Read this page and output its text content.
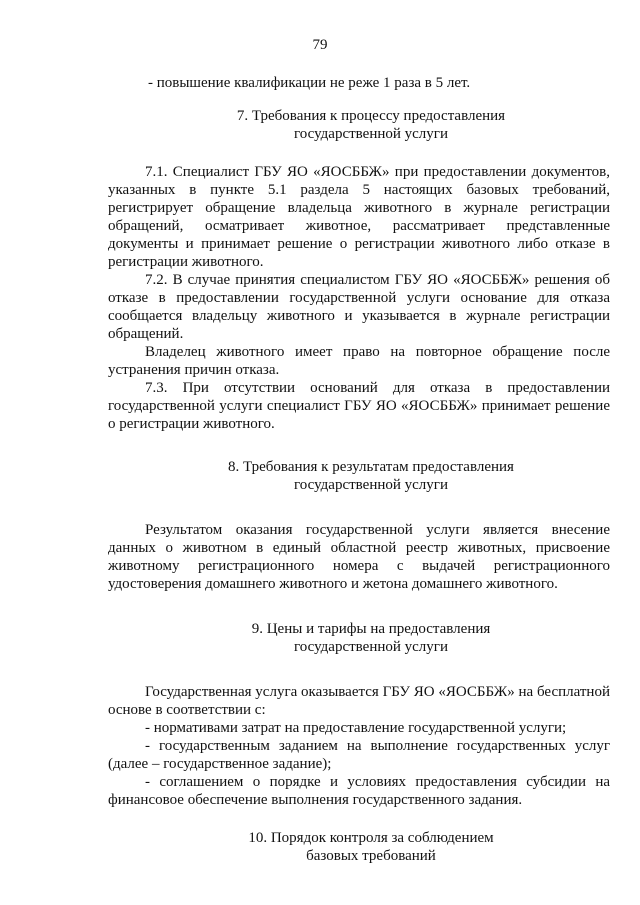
79

- повышение квалификации не реже 1 раза в 5 лет.

7. Требования к процессу предоставления
государственной услуги

7.1. Специалист ГБУ ЯО «ЯОСББЖ» при предоставлении документов, указанных в пункте 5.1 раздела 5 настоящих базовых требований, регистрирует обращение владельца животного в журнале регистрации обращений, осматривает животное, рассматривает представленные документы и принимает решение о регистрации животного либо отказе в регистрации животного.

7.2. В случае принятия специалистом ГБУ ЯО «ЯОСББЖ» решения об отказе в предоставлении государственной услуги основание для отказа сообщается владельцу животного и указывается в журнале регистрации обращений.

Владелец животного имеет право на повторное обращение после устранения причин отказа.

7.3. При отсутствии оснований для отказа в предоставлении государственной услуги специалист ГБУ ЯО «ЯОСББЖ» принимает решение о регистрации животного.

8. Требования к результатам предоставления
государственной услуги

Результатом оказания государственной услуги является внесение данных о животном в единый областной реестр животных, присвоение животному регистрационного номера с выдачей регистрационного удостоверения домашнего животного и жетона домашнего животного.

9. Цены и тарифы на предоставления
государственной услуги

Государственная услуга оказывается ГБУ ЯО «ЯОСББЖ» на бесплатной основе в соответствии с:

- нормативами затрат на предоставление государственной услуги;

- государственным заданием на выполнение государственных услуг (далее – государственное задание);

- соглашением о порядке и условиях предоставления субсидии на финансовое обеспечение выполнения государственного задания.

10. Порядок контроля за соблюдением
базовых требований
